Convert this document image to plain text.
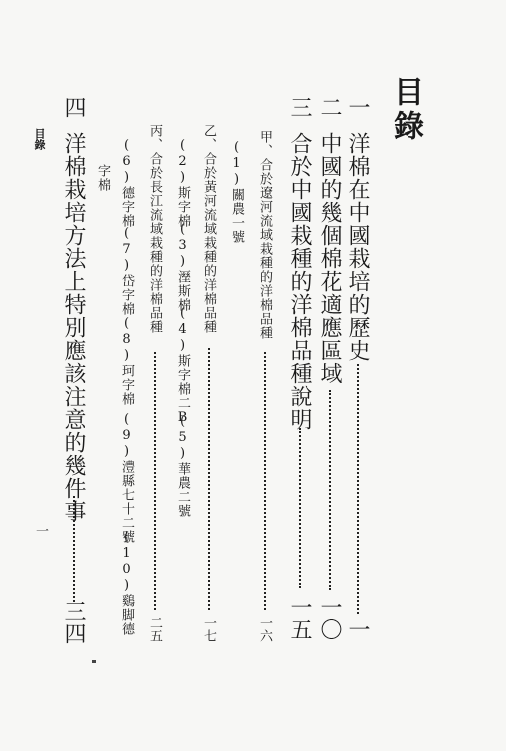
目錄
一
洋棉在中國栽培的歷史
一
二
中國的幾個棉花適應區域
一〇
三
合於中國栽種的洋棉品種說明
一五
甲、合於遼河流域栽種的洋棉品種
一六
(1)關農一號
乙、合於黃河流域栽種的洋棉品種
一七
(2)斯字棉
(3)溼斯棉
(4)斯字棉二B
(5)華農二號
丙、合於長江流域栽種的洋棉品種
二五
(6)德字棉
(7)岱字棉
(8)珂字棉
(9)澧縣七十二號
(10)鷄脚德
字棉
四
洋棉栽培方法上特別應該注意的幾件事
三四
目錄
一
